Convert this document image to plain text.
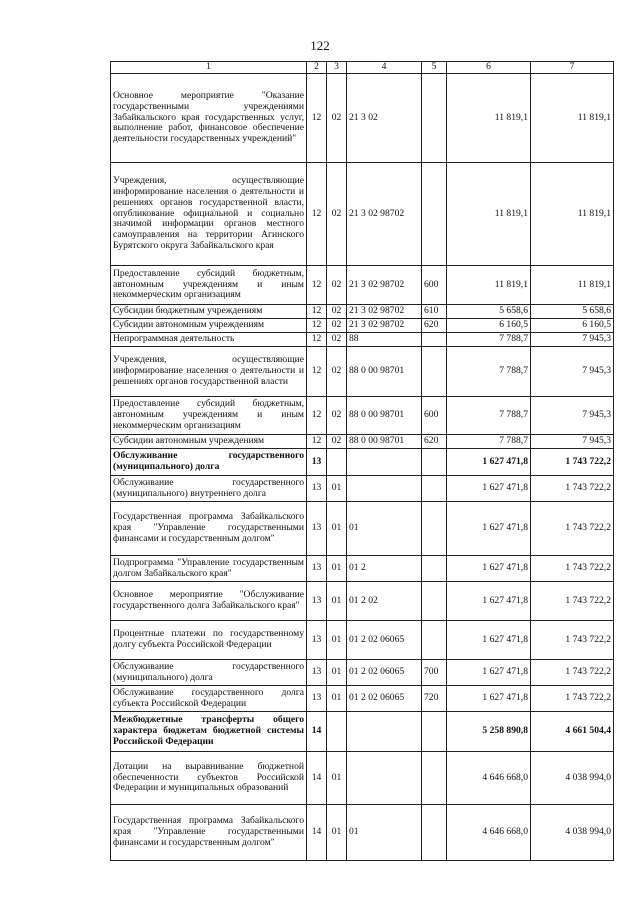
122
1	2	3	4	5	6	7
Основное мероприятие "Оказание государственными учреждениями Забайкальского края государственных услуг, выполнение работ, финансовое обеспечение деятельности государственных учреждений"	12	02	21 3 02		11 819,1	11 819,1
Учреждения, осуществляющие информирование населения о деятельности и решениях органов государственной власти, опубликование официальной и социально значимой информации органов местного самоуправления на территории Агинского Бурятского округа Забайкальского края	12	02	21 3 02 98702		11 819,1	11 819,1
Предоставление субсидий бюджетным, автономным учреждениям и иным некоммерческим организациям	12	02	21 3 02 98702	600	11 819,1	11 819,1
Субсидии бюджетным учреждениям	12	02	21 3 02 98702	610	5 658,6	5 658,6
Субсидии автономным учреждениям	12	02	21 3 02 98702	620	6 160,5	6 160,5
Непрограммная деятельность	12	02	88		7 788,7	7 945,3
Учреждения, осуществляющие информирование населения о деятельности и решениях органов государственной власти	12	02	88 0 00 98701		7 788,7	7 945,3
Предоставление субсидий бюджетным, автономным учреждениям и иным некоммерческим организациям	12	02	88 0 00 98701	600	7 788,7	7 945,3
Субсидии автономным учреждениям	12	02	88 0 00 98701	620	7 788,7	7 945,3
Обслуживание государственного (муниципального) долга	13				1 627 471,8	1 743 722,2
Обслуживание государственного (муниципального) внутреннего долга	13	01			1 627 471,8	1 743 722,2
Государственная программа Забайкальского края "Управление государственными финансами и государственным долгом"	13	01	01		1 627 471,8	1 743 722,2
Подпрограмма "Управление государственным долгом Забайкальского края"	13	01	01 2		1 627 471,8	1 743 722,2
Основное мероприятие "Обслуживание государственного долга Забайкальского края"	13	01	01 2 02		1 627 471,8	1 743 722,2
Процентные платежи по государственному долгу субъекта Российской Федерации	13	01	01 2 02 06065		1 627 471,8	1 743 722,2
Обслуживание государственного (муниципального) долга	13	01	01 2 02 06065	700	1 627 471,8	1 743 722,2
Обслуживание государственного долга субъекта Российской Федерации	13	01	01 2 02 06065	720	1 627 471,8	1 743 722,2
Межбюджетные трансферты общего характера бюджетам бюджетной системы Российской Федерации	14				5 258 890,8	4 661 504,4
Дотации на выравнивание бюджетной обеспеченности субъектов Российской Федерации и муниципальных образований	14	01			4 646 668,0	4 038 994,0
Государственная программа Забайкальского края "Управление государственными финансами и государственным долгом"	14	01	01		4 646 668,0	4 038 994,0
